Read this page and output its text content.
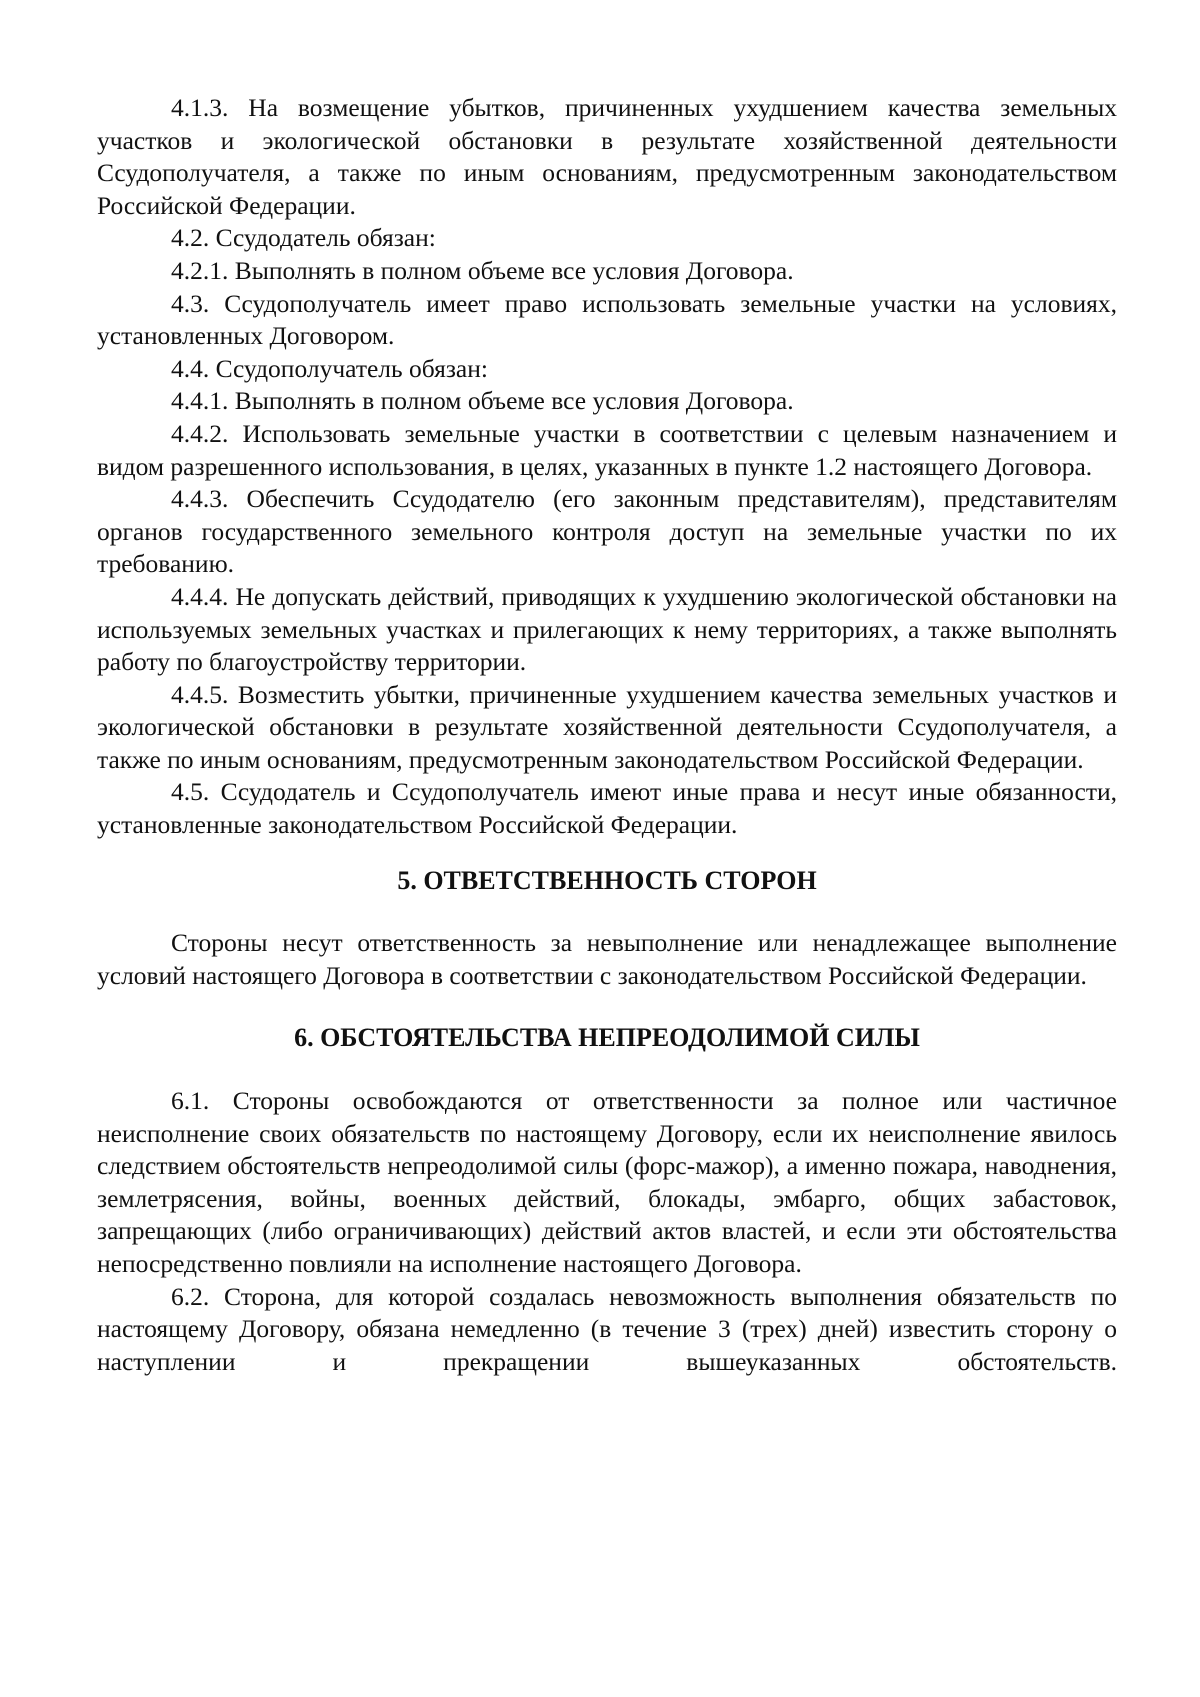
4.1.3. На возмещение убытков, причиненных ухудшением качества земельных участков и экологической обстановки в результате хозяйственной деятельности Ссудополучателя, а также по иным основаниям, предусмотренным законодательством Российской Федерации.

4.2. Ссудодатель обязан:

4.2.1. Выполнять в полном объеме все условия Договора.

4.3. Ссудополучатель имеет право использовать земельные участки на условиях, установленных Договором.

4.4. Ссудополучатель обязан:

4.4.1. Выполнять в полном объеме все условия Договора.

4.4.2. Использовать земельные участки в соответствии с целевым назначением и видом разрешенного использования, в целях, указанных в пункте 1.2 настоящего Договора.

4.4.3. Обеспечить Ссудодателю (его законным представителям), представителям органов государственного земельного контроля доступ на земельные участки по их требованию.

4.4.4. Не допускать действий, приводящих к ухудшению экологической обстановки на используемых земельных участках и прилегающих к нему территориях, а также выполнять работу по благоустройству территории.

4.4.5. Возместить убытки, причиненные ухудшением качества земельных участков и экологической обстановки в результате хозяйственной деятельности Ссудополучателя, а также по иным основаниям, предусмотренным законодательством Российской Федерации.

4.5. Ссудодатель и Ссудополучатель имеют иные права и несут иные обязанности, установленные законодательством Российской Федерации.

5. ОТВЕТСТВЕННОСТЬ СТОРОН

Стороны несут ответственность за невыполнение или ненадлежащее выполнение условий настоящего Договора в соответствии с законодательством Российской Федерации.

6. ОБСТОЯТЕЛЬСТВА НЕПРЕОДОЛИМОЙ СИЛЫ

6.1. Стороны освобождаются от ответственности за полное или частичное неисполнение своих обязательств по настоящему Договору, если их неисполнение явилось следствием обстоятельств непреодолимой силы (форс-мажор), а именно пожара, наводнения, землетрясения, войны, военных действий, блокады, эмбарго, общих забастовок, запрещающих (либо ограничивающих) действий актов властей, и если эти обстоятельства непосредственно повлияли на исполнение настоящего Договора.

6.2. Сторона, для которой создалась невозможность выполнения обязательств по настоящему Договору, обязана немедленно (в течение 3 (трех) дней) известить сторону о наступлении и прекращении вышеуказанных обстоятельств.
